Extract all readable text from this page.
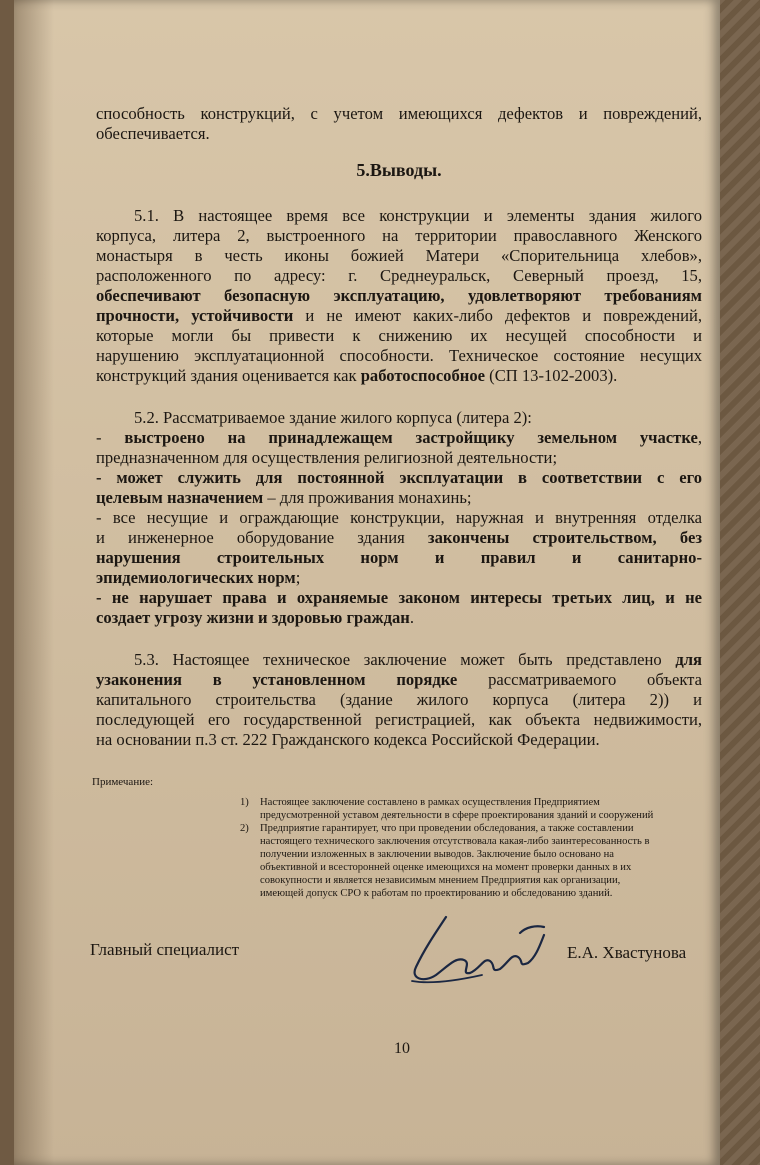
способность конструкций, с учетом имеющихся дефектов и повреждений,
обеспечивается.
5.Выводы.
5.1. В настоящее время все конструкции и элементы здания жилого
корпуса, литера 2, выстроенного на территории православного Женского
монастыря в честь иконы божией Матери «Спорительница хлебов»,
расположенного по адресу: г. Среднеуральск, Северный проезд, 15,
обеспечивают безопасную эксплуатацию, удовлетворяют требованиям
прочности, устойчивости и не имеют каких-либо дефектов и повреждений,
которые могли бы привести к снижению их несущей способности и
нарушению эксплуатационной способности. Техническое состояние несущих
конструкций здания оценивается как работоспособное (СП 13-102-2003).
5.2. Рассматриваемое здание жилого корпуса (литера 2):
- выстроено на принадлежащем застройщику земельном участке,
предназначенном для осуществления религиозной деятельности;
- может служить для постоянной эксплуатации в соответствии с его
целевым назначением – для проживания монахинь;
- все несущие и ограждающие конструкции, наружная и внутренняя отделка
и инженерное оборудование здания закончены строительством, без
нарушения строительных норм и правил и санитарно-
эпидемиологических норм;
- не нарушает права и охраняемые законом интересы третьих лиц, и не
создает угрозу жизни и здоровью граждан.
5.3. Настоящее техническое заключение может быть представлено для
узаконения в установленном порядке рассматриваемого объекта
капитального строительства (здание жилого корпуса (литера 2)) и
последующей его государственной регистрацией, как объекта недвижимости,
на основании п.3 ст. 222 Гражданского кодекса Российской Федерации.
Примечание:
1)	Настоящее заключение составлено в рамках осуществления Предприятием
предусмотренной уставом деятельности в сфере проектирования зданий и сооружений
2)	Предприятие гарантирует, что при проведении обследования, а также составлении
настоящего технического заключения отсутствовала какая-либо заинтересованность в
получении изложенных в заключении выводов. Заключение было основано на
объективной и всесторонней оценке имеющихся на момент проверки данных в их
совокупности и является независимым мнением Предприятия как организации,
имеющей допуск СРО к работам по проектированию и обследованию зданий.
Главный специалист	Е.А. Хвастунова
10
